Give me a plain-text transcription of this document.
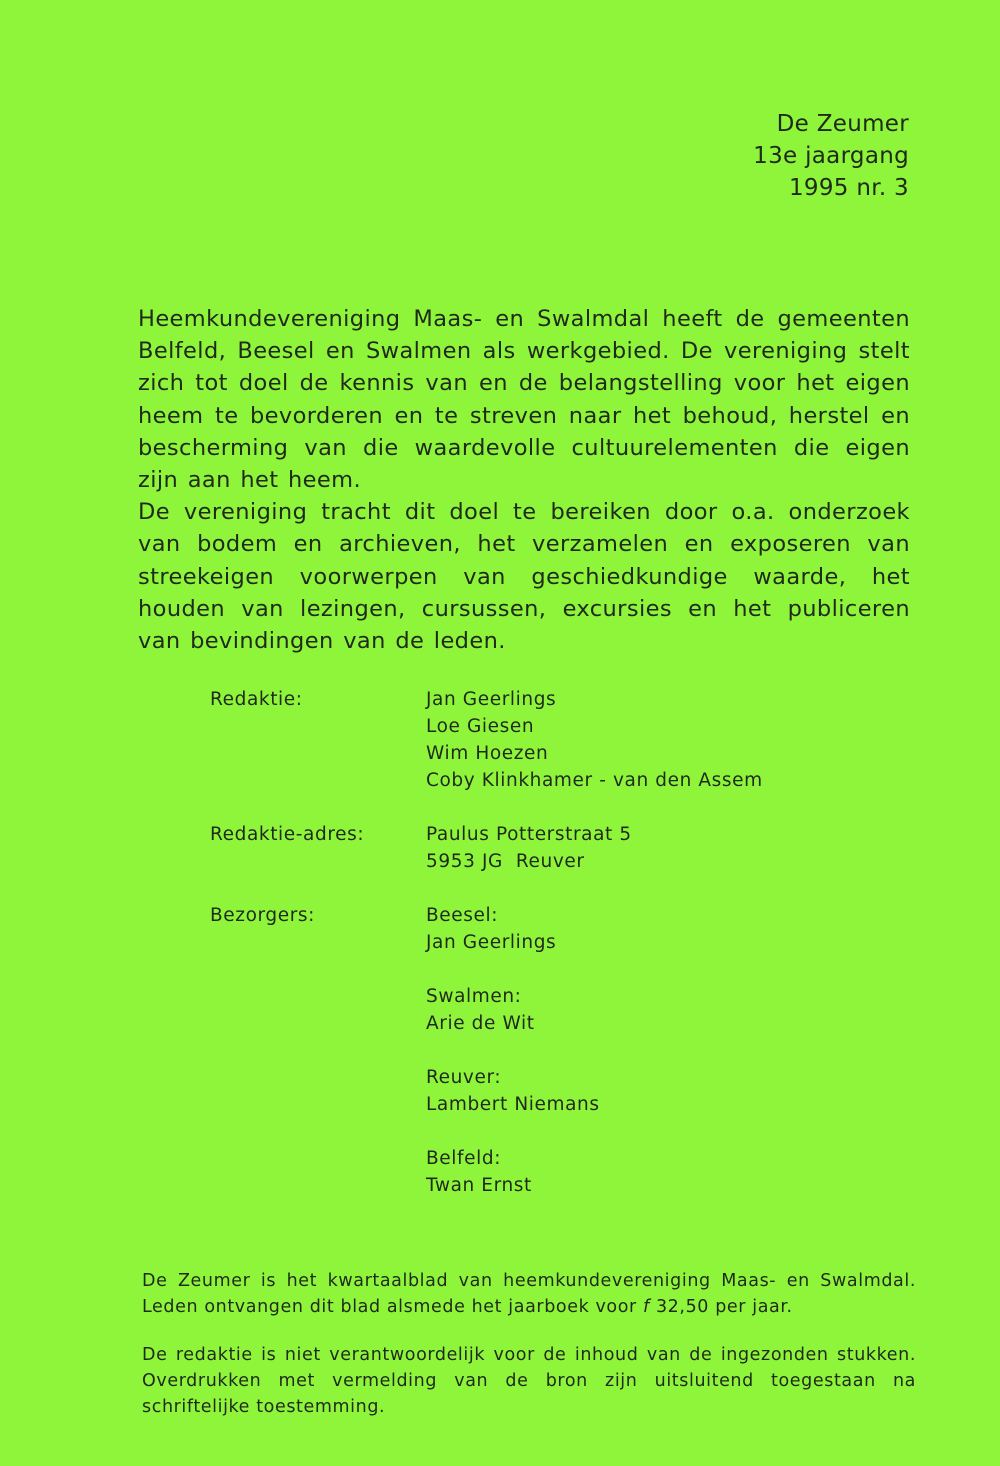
De Zeumer
13e jaargang
1995 nr. 3

Heemkundevereniging Maas- en Swalmdal heeft de gemeenten Belfeld, Beesel en Swalmen als werkgebied. De vereniging stelt zich tot doel de kennis van en de belangstelling voor het eigen heem te bevorderen en te streven naar het behoud, herstel en bescherming van die waardevolle cultuurelementen die eigen zijn aan het heem.

De vereniging tracht dit doel te bereiken door o.a. onderzoek van bodem en archieven, het verzamelen en exposeren van streekeigen voorwerpen van geschiedkundige waarde, het houden van lezingen, cursussen, excursies en het publiceren van bevindingen van de leden.

Redaktie:	Jan Geerlings
Loe Giesen
Wim Hoezen
Coby Klinkhamer - van den Assem
Redaktie-adres:	Paulus Potterstraat 5
5953 JG  Reuver
Bezorgers:	Beesel:
Jan Geerlings
Swalmen:
Arie de Wit
Reuver:
Lambert Niemans
Belfeld:
Twan Ernst

De Zeumer is het kwartaalblad van heemkundevereniging Maas- en Swalmdal. Leden ontvangen dit blad alsmede het jaarboek voor f 32,50 per jaar.

De redaktie is niet verantwoordelijk voor de inhoud van de ingezonden stukken. Overdrukken met vermelding van de bron zijn uitsluitend toegestaan na schriftelijke toestemming.
